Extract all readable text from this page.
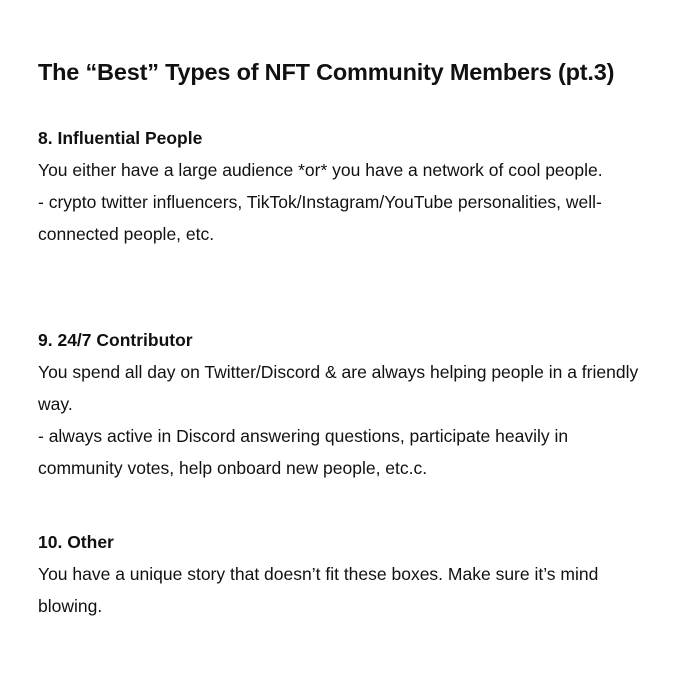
The “Best” Types of NFT Community Members (pt.3)
8. Influential People

You either have a large audience *or* you have a network of cool people.

- crypto twitter influencers, TikTok/Instagram/YouTube personalities, well-connected people, etc.

9. 24/7 Contributor

You spend all day on Twitter/Discord & are always helping people in a friendly way.

- always active in Discord answering questions, participate heavily in community votes, help onboard new people, etc.c.

10. Other

You have a unique story that doesn’t fit these boxes. Make sure it’s mind blowing.
